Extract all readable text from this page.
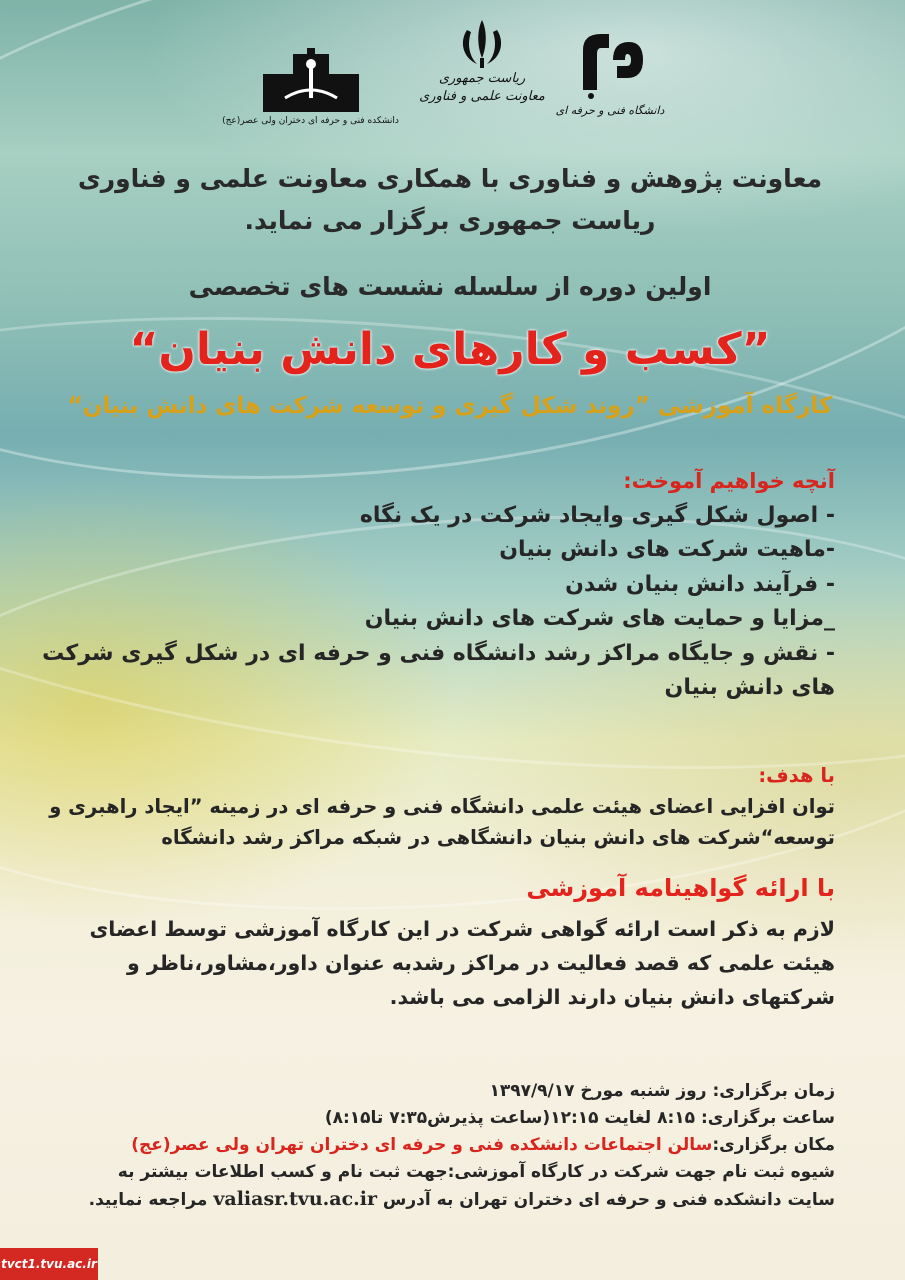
دانشکده فنی و حرفه ای دختران ولی عصر(عج)
ریاست جمهوری
معاونت علمی و فناوری
دانشگاه فنی و حرفه ای
معاونت پژوهش و فناوری با همکاری معاونت علمی و فناوری
ریاست جمهوری برگزار می نماید.
اولین دوره از سلسله نشست های تخصصی
”کسب و کارهای دانش بنیان“
کارگاه آموزشی ”روند شکل گیری و توسعه شرکت های دانش بنیان“
آنچه خواهیم آموخت:
- اصول شکل گیری وایجاد شرکت در یک نگاه
-ماهیت شرکت های دانش بنیان
- فرآیند دانش بنیان شدن
_مزایا و حمایت های شرکت های دانش بنیان
- نقش و جایگاه مراکز رشد دانشگاه فنی و حرفه ای در شکل گیری شرکت
های دانش بنیان
با هدف:
توان افزایی اعضای هیئت علمی دانشگاه فنی و حرفه ای در زمینه ”ایجاد راهبری و
توسعه“شرکت های دانش بنیان دانشگاهی در شبکه مراکز رشد دانشگاه
با ارائه گواهینامه آموزشی
لازم به ذکر است ارائه گواهی شرکت در این کارگاه آموزشی توسط اعضای
هیئت علمی که قصد فعالیت در مراکز رشدبه عنوان داور،مشاور،ناظر و
شرکتهای دانش بنیان دارند الزامی می باشد.
زمان برگزاری: روز شنبه مورخ ۱۳۹۷/۹/۱۷
ساعت برگزاری: ۸:۱۵ لغایت ۱۲:۱۵(ساعت پذیرش۷:۳۵ تا۸:۱۵)
مکان برگزاری:سالن اجتماعات دانشکده فنی و حرفه ای دختران تهران ولی عصر(عج)
شیوه ثبت نام جهت شرکت در کارگاه آموزشی:جهت ثبت نام و کسب اطلاعات بیشتر به
سایت دانشکده فنی و حرفه ای دختران تهران به آدرس valiasr.tvu.ac.ir مراجعه نمایید.
tvct1.tvu.ac.ir
